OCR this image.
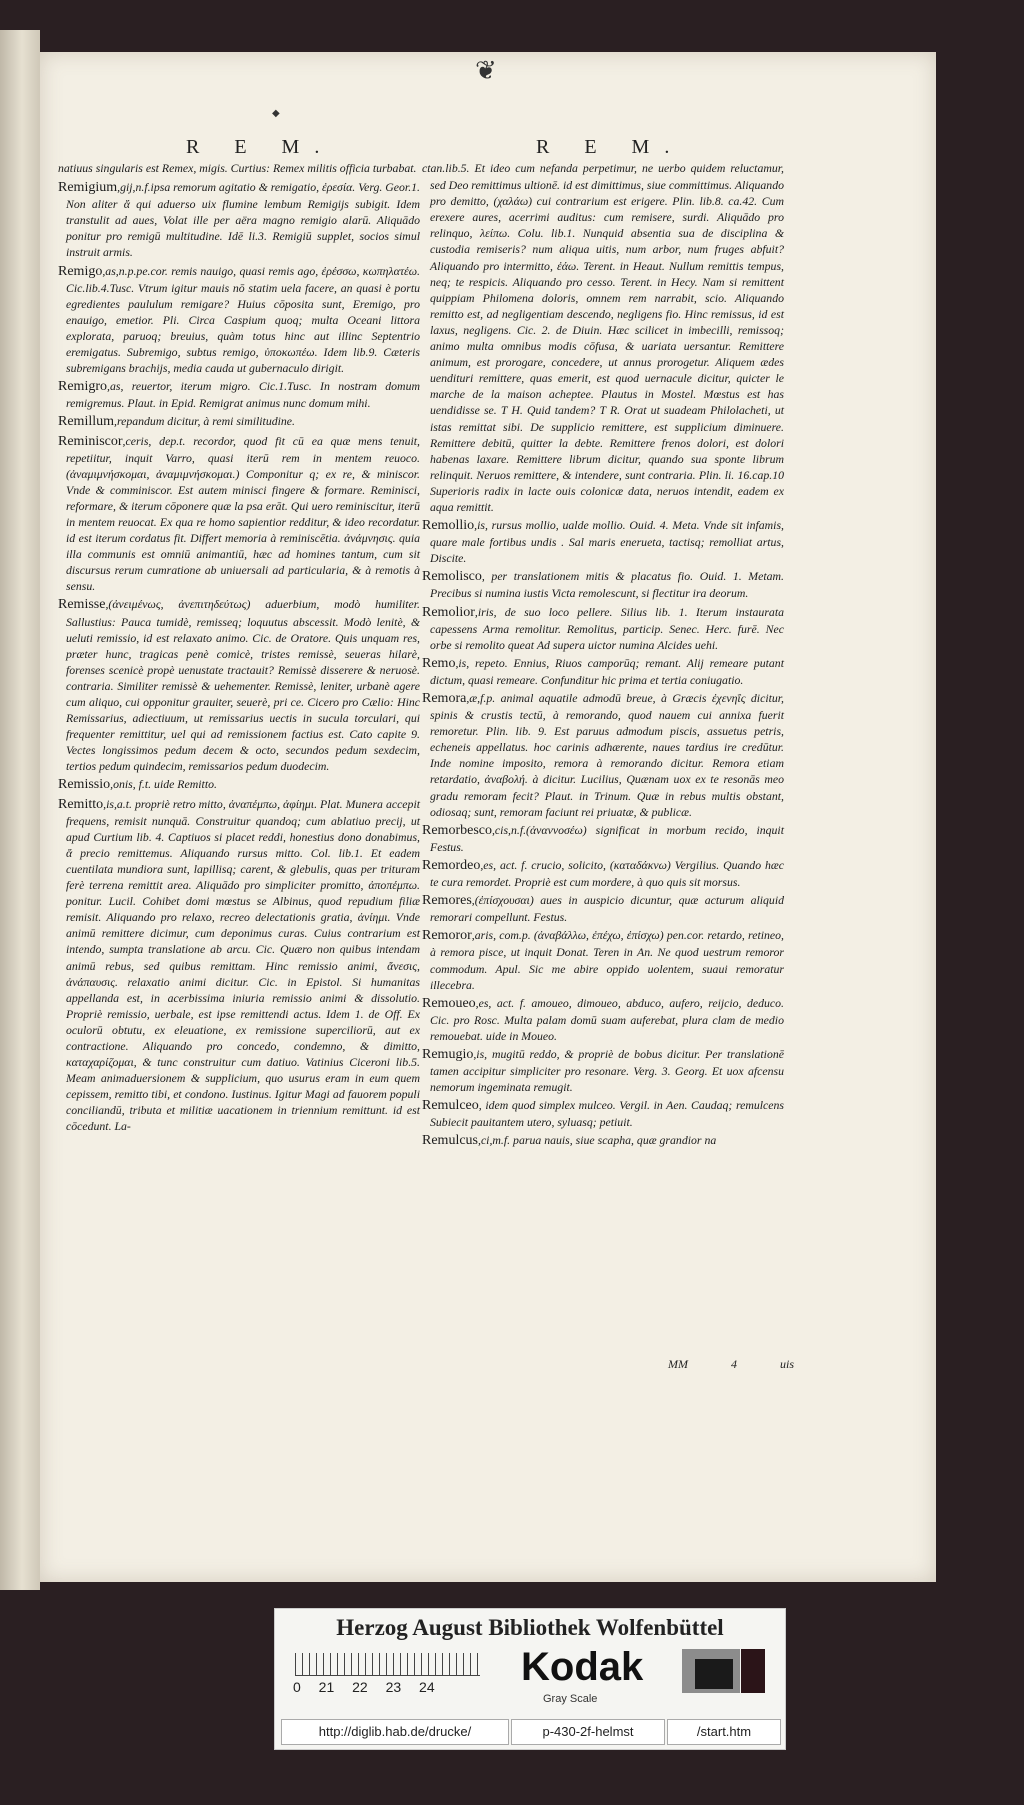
❦
◆
R E M.	R E M.

natiuus singularis est Remex, migis. Curtius: Remex militis officia turbabat.

Remigium,gij,n.f.ipsa remorum agitatio & remigatio, ἐρεσία. Verg. Geor.1. Non aliter ἅ qui aduerso uix flumine lembum Remigijs subigit. Idem transtulit ad aues, Volat ille per aëra magno remigio alarū. Aliquādo ponitur pro remigū multitudine. Idē li.3. Remigiū supplet, socios simul instruit armis.

Remigo,as,n.p.pe.cor. remis nauigo, quasi remis ago, ἐρέσσω, κωπηλατέω. Cic.lib.4.Tusc. Vtrum igitur mauis nō statim uela facere, an quasi è portu egredientes paululum remigare? Huius cōposita sunt, Eremigo, pro enauigo, emetior. Pli. Circa Caspium quoq; multa Oceani littora explorata, paruoq; breuius, quàm totus hinc aut illinc Septentrio eremigatus. Subremigo, subtus remigo, ὑποκωπέω. Idem lib.9. Cæteris subremigans brachijs, media cauda ut gubernaculo dirigit.

Remigro,as, reuertor, iterum migro. Cic.1.Tusc. In nostram domum remigremus. Plaut. in Epid. Remigrat animus nunc domum mihi.

Remillum,repandum dicitur, à remi similitudine.

Reminiscor,ceris, dep.t. recordor, quod fit cū ea quæ mens tenuit, repetiitur, inquit Varro, quasi iterū rem in mentem reuoco. (ἀναμιμνήσκομαι, ἀναμιμνήσκομαι.) Componitur q; ex re, & miniscor. Vnde & comminiscor. Est autem minisci fingere & formare. Reminisci, reformare, & iterum cōponere quæ la psa erāt. Qui uero reminiscitur, iterū in mentem reuocat. Ex qua re homo sapientior redditur, & ideo recordatur. id est iterum cordatus fit. Differt memoria à reminiscētia. ἀνάμνησις. quia illa communis est omniū animantiū, hæc ad homines tantum, cum sit discursus rerum cumratione ab uniuersali ad particularia, & à remotis à sensu.

Remisse,(ἀνειμένως, ἀνεπιτηδεύτως) aduerbium, modò humiliter. Sallustius: Pauca tumidè, remisseq; loquutus abscessit. Modò lenitè, & ueluti remissio, id est relaxato animo. Cic. de Oratore. Quis unquam res, præter hunc, tragicas penè comicè, tristes remissè, seueras hilarè, forenses scenicè propè uenustate tractauit? Remissè disserere & neruosè. contraria. Similiter remissè & uehementer. Remissè, leniter, urbanè agere cum aliquo, cui opponitur grauiter, seuerè, pri ce. Cicero pro Cælio: Hinc Remissarius, adiectiuum, ut remissarius uectis in sucula torculari, qui frequenter remittitur, uel qui ad remissionem factius est. Cato capite 9. Vectes longissimos pedum decem & octo, secundos pedum sexdecim, tertios pedum quindecim, remissarios pedum duodecim.

Remissio,onis, f.t. uide Remitto.

Remitto,is,a.t. propriè retro mitto, ἀναπέμπω, ἀφίημι. Plat. Munera accepit frequens, remisit nunquā. Construitur quandoq; cum ablatiuo precij, ut apud Curtium lib. 4. Captiuos si placet reddi, honestius dono donabimus, ἅ precio remittemus. Aliquando rursus mitto. Col. lib.1. Et eadem cuentilata mundiora sunt, lapillisq; carent, & glebulis, quas per trituram ferè terrena remittit area. Aliquādo pro simpliciter promitto, ἀποπέμπω. ponitur. Lucil. Cohibet domi mœstus se Albinus, quod repudium filiæ remisit. Aliquando pro relaxo, recreo delectationis gratia, ἀνίημι. Vnde animū remittere dicimur, cum deponimus curas. Cuius contrarium est intendo, sumpta translatione ab arcu. Cic. Quæro non quibus intendam animū rebus, sed quibus remittam. Hinc remissio animi, ἄνεσις, ἀνάπαυσις. relaxatio animi dicitur. Cic. in Epistol. Si humanitas appellanda est, in acerbissima iniuria remissio animi & dissolutio. Propriè remissio, uerbale, est ipse remittendi actus. Idem 1. de Off. Ex oculorū obtutu, ex eleuatione, ex remissione superciliorū, aut ex contractione. Aliquando pro concedo, condemno, & dimitto, καταχαρίζομαι, & tunc construitur cum datiuo. Vatinius Ciceroni lib.5. Meam animaduersionem & supplicium, quo usurus eram in eum quem cepissem, remitto tibi, et condono. Iustinus. Igitur Magi ad fauorem populi conciliandū, tributa et militiæ uacationem in triennium remittunt. id est cōcedunt. La-

ctan.lib.5. Et ideo cum nefanda perpetimur, ne uerbo quidem reluctamur, sed Deo remittimus ultionē. id est dimittimus, siue committimus. Aliquando pro demitto, (χαλάω) cui contrarium est erigere. Plin. lib.8. ca.42. Cum erexere aures, acerrimi auditus: cum remisere, surdi. Aliquādo pro relinquo, λείπω. Colu. lib.1. Nunquid absentia sua de disciplina & custodia remiseris? num aliqua uitis, num arbor, num fruges abfuit? Aliquando pro intermitto, ἐάω. Terent. in Heaut. Nullum remittis tempus, neq; te respicis. Aliquando pro cesso. Terent. in Hecy. Nam si remittent quippiam Philomena doloris, omnem rem narrabit, scio. Aliquando remitto est, ad negligentiam descendo, negligens fio. Hinc remissus, id est laxus, negligens. Cic. 2. de Diuin. Hæc scilicet in imbecilli, remissoq; animo multa omnibus modis cōfusa, & uariata uersantur. Remittere animum, est prorogare, concedere, ut annus prorogetur. Aliquem ædes uendituri remittere, quas emerit, est quod uernacule dicitur, quicter le marche de la maison acheptee. Plautus in Mostel. Mœstus est has uendidisse se. T H. Quid tandem? T R. Orat ut suadeam Philolacheti, ut istas remittat sibi. De supplicio remittere, est supplicium diminuere. Remittere debitū, quitter la debte. Remittere frenos dolori, est dolori habenas laxare. Remittere librum dicitur, quando sua sponte librum relinquit. Neruos remittere, & intendere, sunt contraria. Plin. li. 16.cap.10 Superioris radix in lacte ouis colonicæ data, neruos intendit, eadem ex aqua remittit.

Remollio,is, rursus mollio, ualde mollio. Ouid. 4. Meta. Vnde sit infamis, quare male fortibus undis . Sal maris enerueta, tactisq; remolliat artus, Discite.

Remolisco, per translationem mitis & placatus fio. Ouid. 1. Metam. Precibus si numina iustis Victa remolescunt, si flectitur ira deorum.

Remolior,iris, de suo loco pellere. Silius lib. 1. Iterum instaurata capessens Arma remolitur. Remolitus, particip. Senec. Herc. furē. Nec orbe si remolito queat Ad supera uictor numina Alcides uehi.

Remo,is, repeto. Ennius, Riuos camporūq; remant. Alij remeare putant dictum, quasi remeare. Confunditur hic prima et tertia coniugatio.

Remora,æ,f.p. animal aquatile admodū breue, à Græcis ἐχενηΐς dicitur, spinis & crustis tectū, à remorando, quod nauem cui annixa fuerit remoretur. Plin. lib. 9. Est paruus admodum piscis, assuetus petris, echeneis appellatus. hoc carinis adhærente, naues tardius ire credūtur. Inde nomine imposito, remora à remorando dicitur. Remora etiam retardatio, ἀναβολή. à dicitur. Lucilius, Quænam uox ex te resonās meo gradu remoram fecit? Plaut. in Trinum. Quæ in rebus multis obstant, odiosaq; sunt, remoram faciunt rei priuatæ, & publicæ.

Remorbesco,cis,n.f.(ἀναννοσέω) significat in morbum recido, inquit Festus.

Remordeo,es, act. f. crucio, solicito, (καταδάκνω) Vergilius. Quando hæc te cura remordet. Propriè est cum mordere, à quo quis sit morsus.

Remores,(ἐπίσχουσαι) aues in auspicio dicuntur, quæ acturum aliquid remorari compellunt. Festus.

Remoror,aris, com.p. (ἀναβάλλω, ἐπέχω, ἐπίσχω) pen.cor. retardo, retineo, à remora pisce, ut inquit Donat. Teren in An. Ne quod uestrum remoror commodum. Apul. Sic me abire oppido uolentem, suaui remoratur illecebra.

Remoueo,es, act. f. amoueo, dimoueo, abduco, aufero, reijcio, deduco. Cic. pro Rosc. Multa palam domū suam auferebat, plura clam de medio remouebat. uide in Moueo.

Remugio,is, mugitū reddo, & propriè de bobus dicitur. Per translationē tamen accipitur simpliciter pro resonare. Verg. 3. Georg. Et uox afcensu nemorum ingeminata remugit.

Remulceo, idem quod simplex mulceo. Vergil. in Aen. Caudaq; remulcens Subiecit pauitantem utero, syluasq; petiuit.

Remulcus,ci,m.f. parua nauis, siue scapha, quæ grandior na

MM 4 uis
Herzog August Bibliothek Wolfenbüttel
0 21 22 23 24	Kodak
Gray Scale
http://diglib.hab.de/drucke/	p-430-2f-helmst	/start.htm
